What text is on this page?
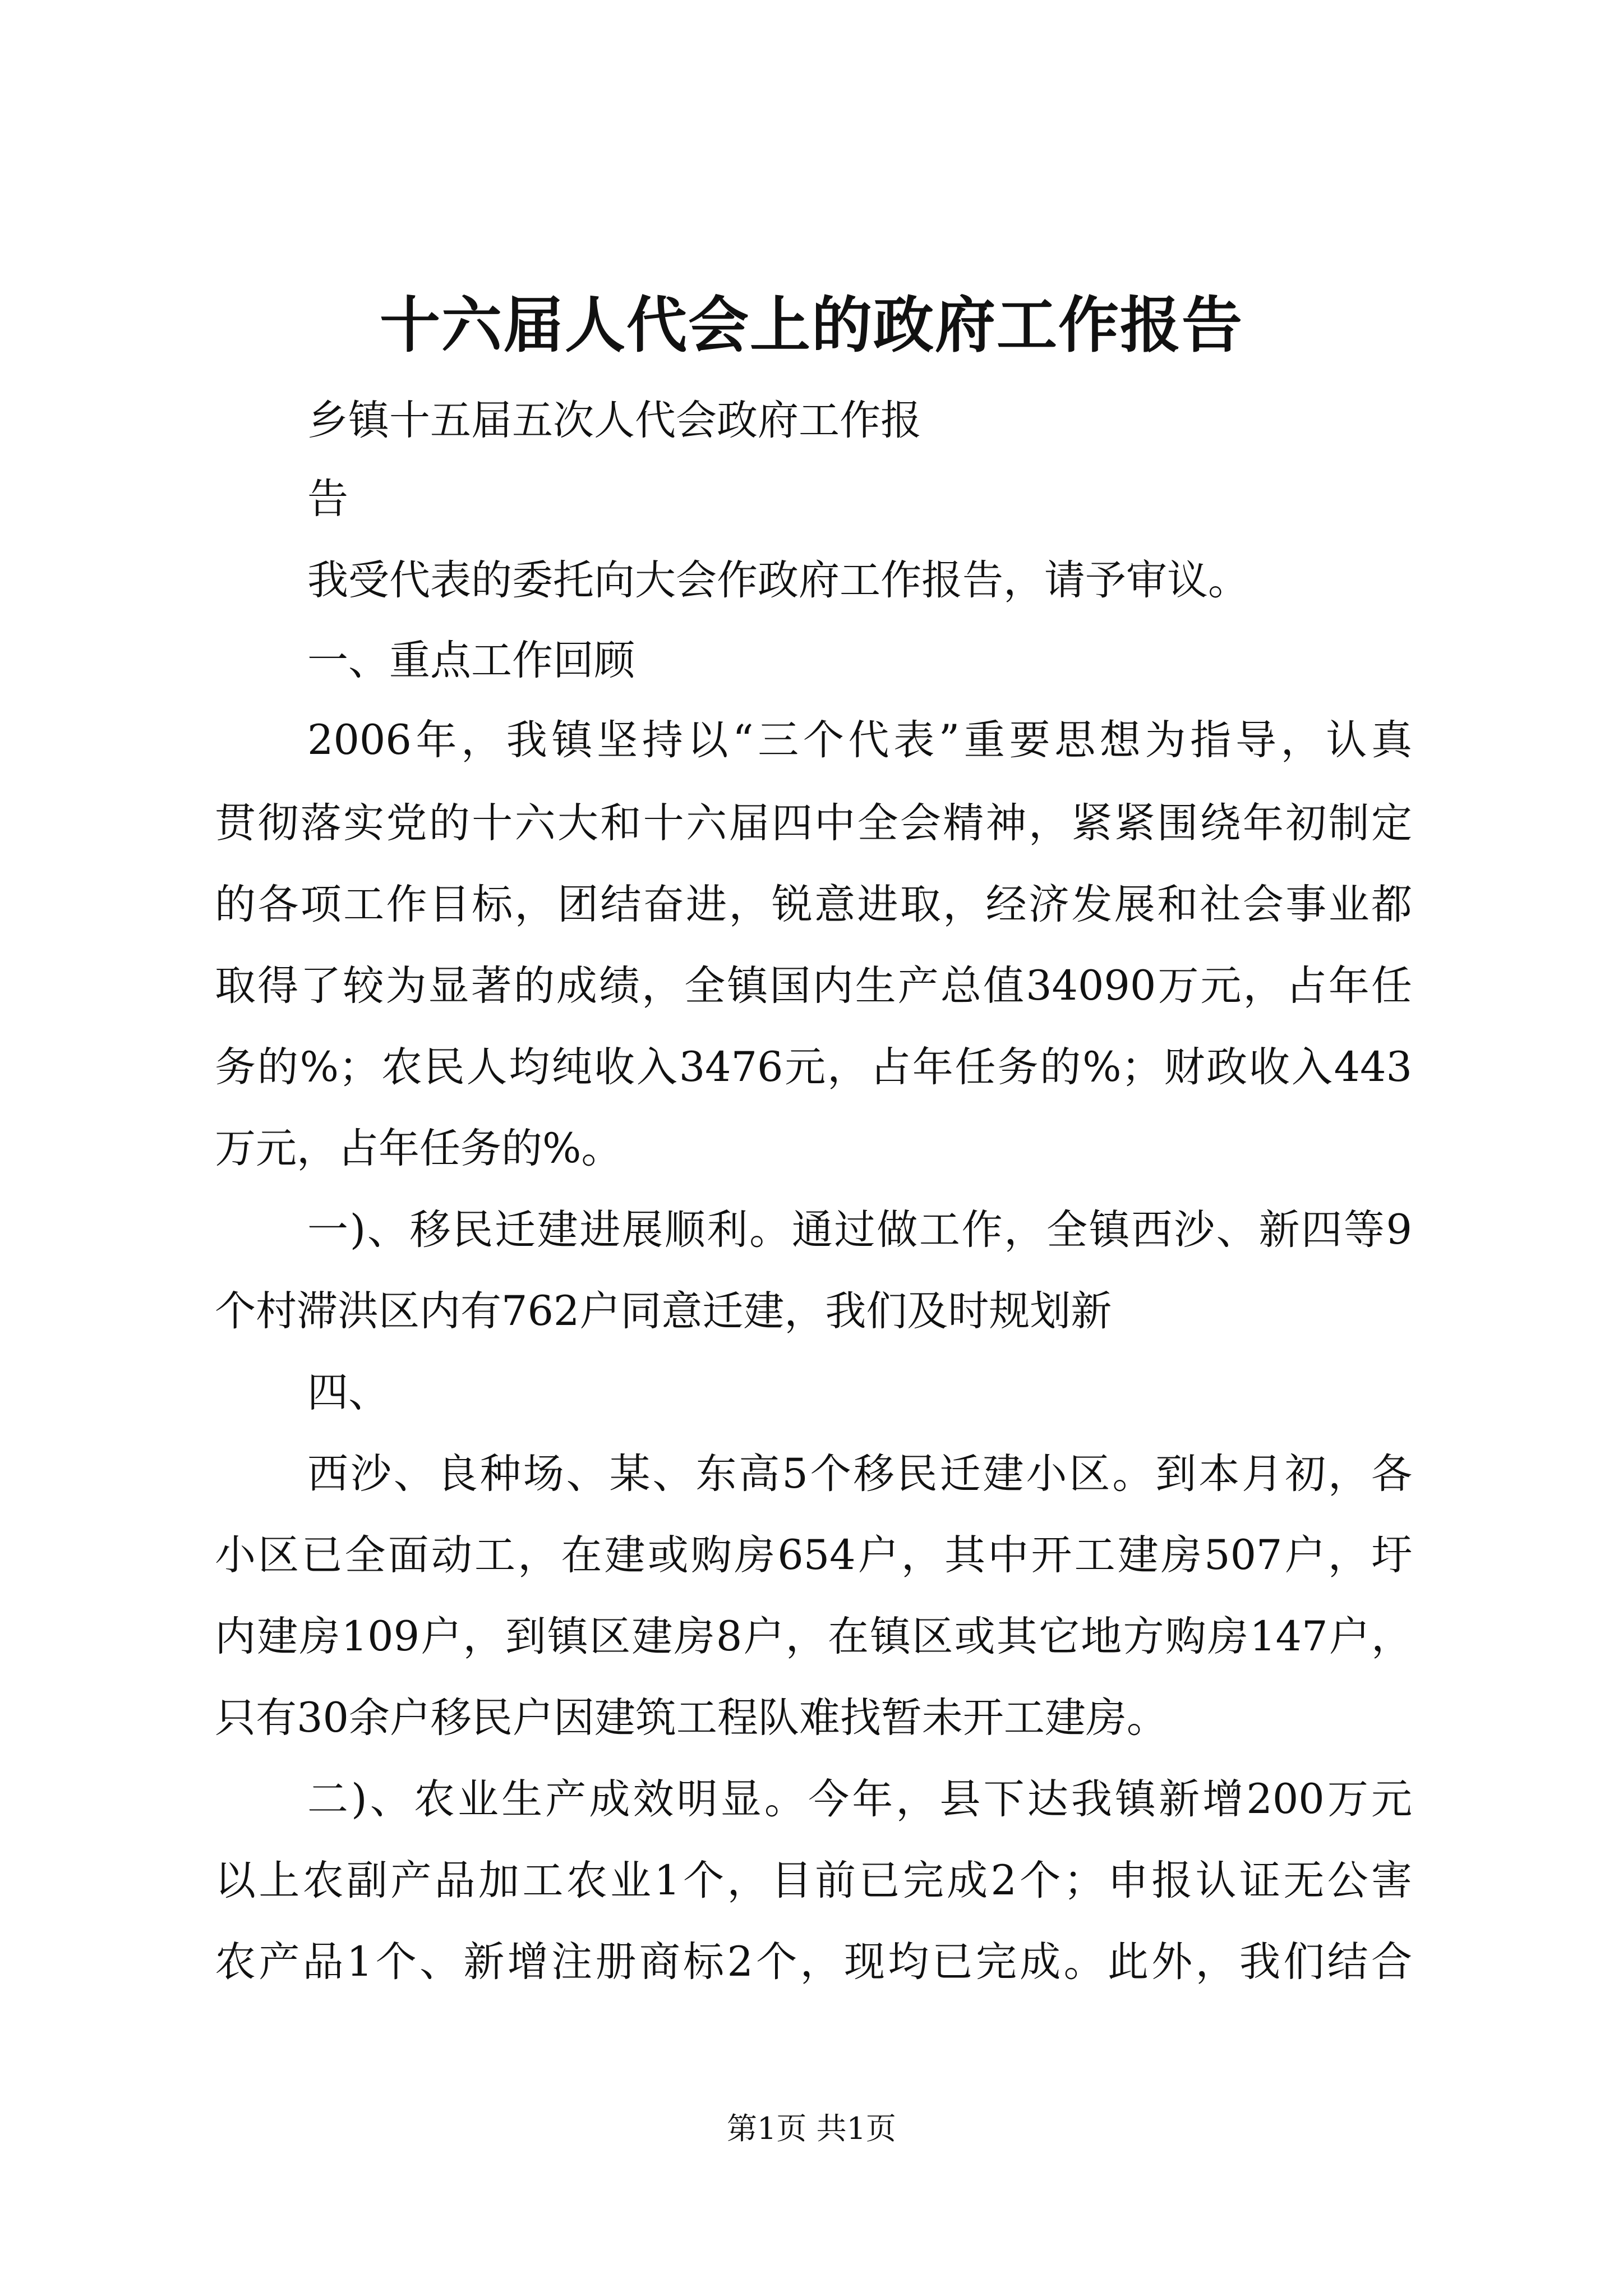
十六届人代会上的政府工作报告
乡镇十五届五次人代会政府工作报
告
我受代表的委托向大会作政府工作报告，请予审议。
一、重点工作回顾
2006年，我镇坚持以“三个代表”重要思想为指导，认真
贯彻落实党的十六大和十六届四中全会精神，紧紧围绕年初制定
的各项工作目标，团结奋进，锐意进取，经济发展和社会事业都
取得了较为显著的成绩，全镇国内生产总值34090万元，占年任
务的%；农民人均纯收入3476元，占年任务的%；财政收入443
万元，占年任务的%。
一)、移民迁建进展顺利。通过做工作，全镇西沙、新四等9
个村滞洪区内有762户同意迁建，我们及时规划新
四、
西沙、良种场、某、东高5个移民迁建小区。到本月初，各
小区已全面动工，在建或购房654户，其中开工建房507户，圩
内建房109户，到镇区建房8户，在镇区或其它地方购房147户，
只有30余户移民户因建筑工程队难找暂未开工建房。
二)、农业生产成效明显。今年，县下达我镇新增200万元
以上农副产品加工农业1个，目前已完成2个；申报认证无公害
农产品1个、新增注册商标2个，现均已完成。此外，我们结合
第1页 共1页
